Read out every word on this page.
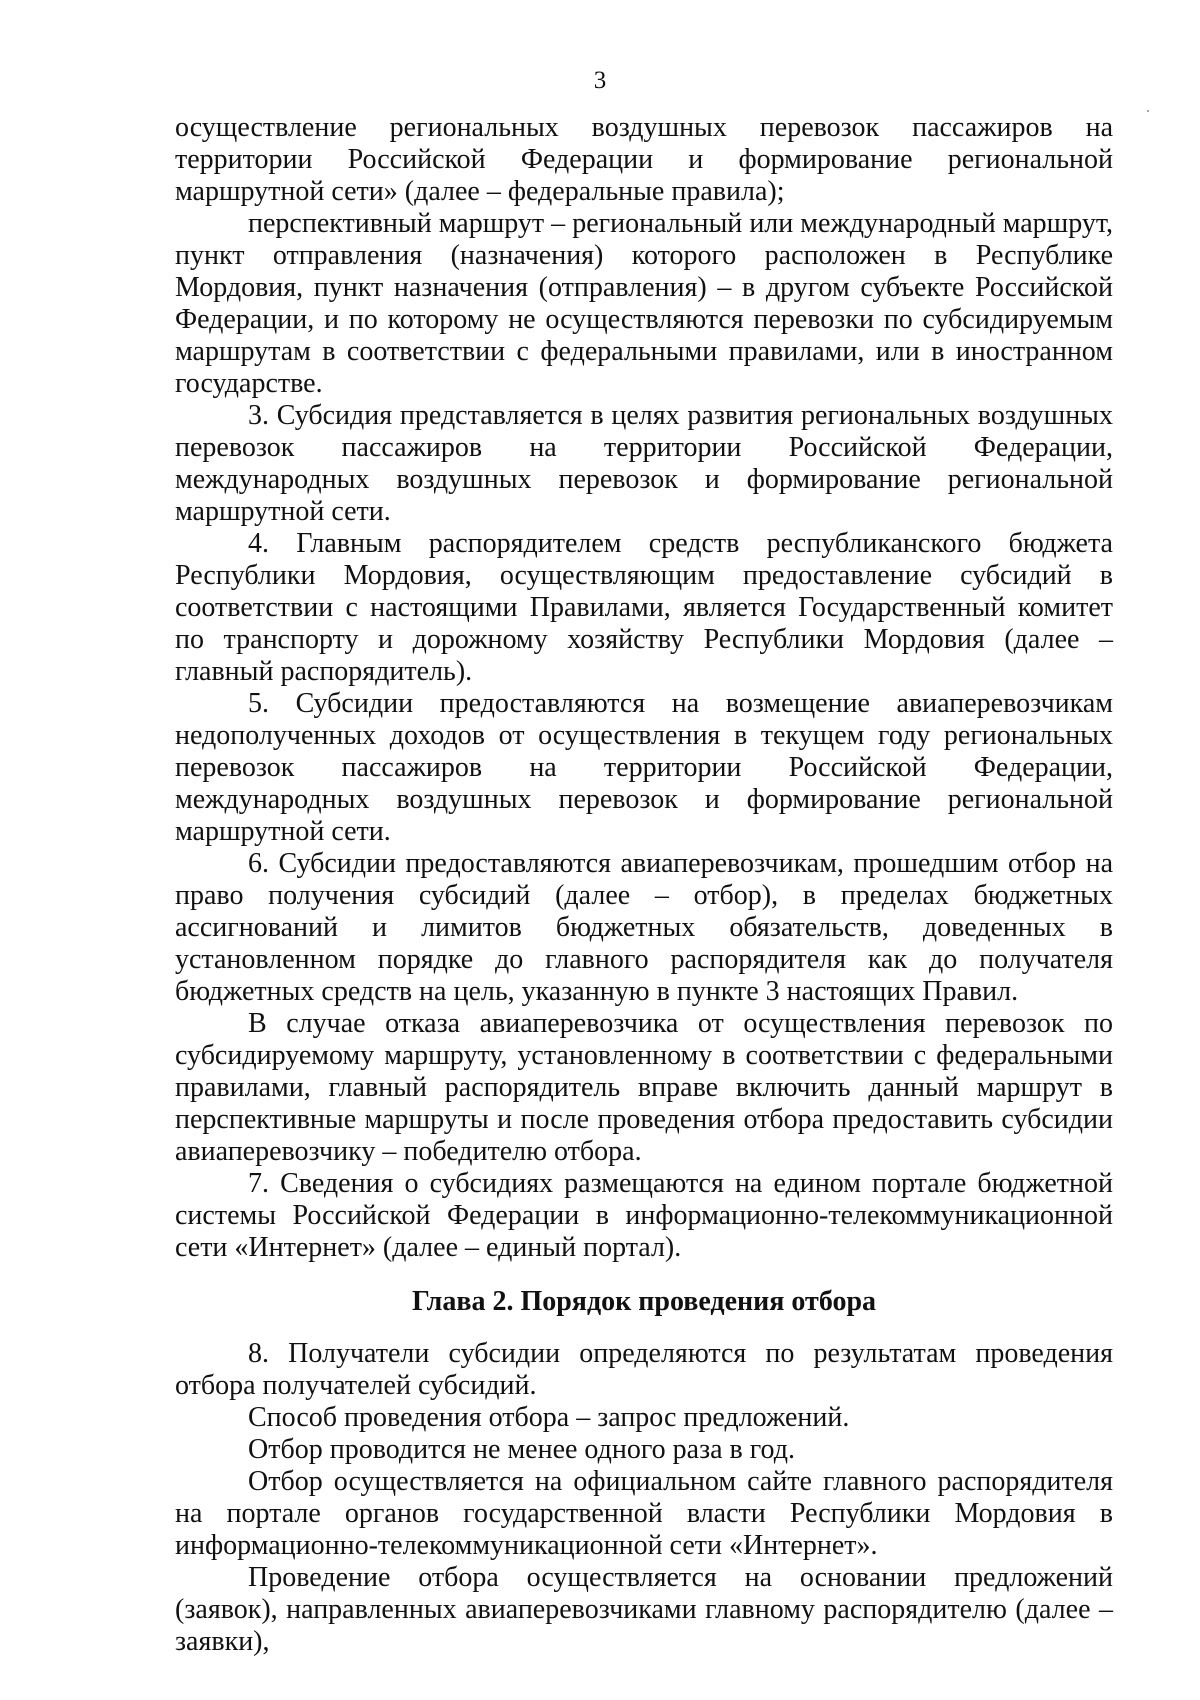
3

осуществление региональных воздушных перевозок пассажиров на территории Российской Федерации и формирование региональной маршрутной сети» (далее – федеральные правила);

перспективный маршрут – региональный или международный маршрут, пункт отправления (назначения) которого расположен в Республике Мордовия, пункт назначения (отправления) – в другом субъекте Российской Федерации, и по которому не осуществляются перевозки по субсидируемым маршрутам в соответствии с федеральными правилами, или в иностранном государстве.

3. Субсидия представляется в целях развития региональных воздушных перевозок пассажиров на территории Российской Федерации, международных воздушных перевозок и формирование региональной маршрутной сети.

4. Главным распорядителем средств республиканского бюджета Республики Мордовия, осуществляющим предоставление субсидий в соответствии с настоящими Правилами, является Государственный комитет по транспорту и дорожному хозяйству Республики Мордовия (далее – главный распорядитель).

5. Субсидии предоставляются на возмещение авиаперевозчикам недополученных доходов от осуществления в текущем году региональных перевозок пассажиров на территории Российской Федерации, международных воздушных перевозок и формирование региональной маршрутной сети.

6. Субсидии предоставляются авиаперевозчикам, прошедшим отбор на право получения субсидий (далее – отбор), в пределах бюджетных ассигнований и лимитов бюджетных обязательств, доведенных в установленном порядке до главного распорядителя как до получателя бюджетных средств на цель, указанную в пункте 3 настоящих Правил.

В случае отказа авиаперевозчика от осуществления перевозок по субсидируемому маршруту, установленному в соответствии с федеральными правилами, главный распорядитель вправе включить данный маршрут в перспективные маршруты и после проведения отбора предоставить субсидии авиаперевозчику – победителю отбора.

7. Сведения о субсидиях размещаются на едином портале бюджетной системы Российской Федерации в информационно-телекоммуникационной сети «Интернет» (далее – единый портал).

Глава 2. Порядок проведения отбора

8. Получатели субсидии определяются по результатам проведения отбора получателей субсидий.

Способ проведения отбора – запрос предложений.

Отбор проводится не менее одного раза в год.

Отбор осуществляется на официальном сайте главного распорядителя на портале органов государственной власти Республики Мордовия в информационно-телекоммуникационной сети «Интернет».

Проведение отбора осуществляется на основании предложений (заявок), направленных авиаперевозчиками главному распорядителю (далее – заявки),
